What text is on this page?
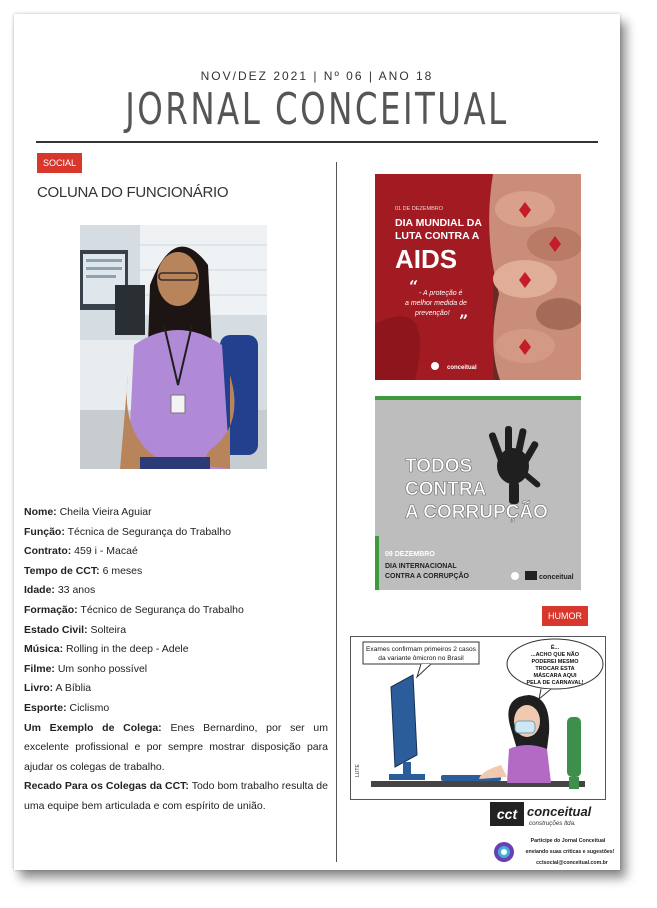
NOV/DEZ 2021 | Nº 06 | ANO 18
JORNAL CONCEITUAL
SOCIAL
COLUNA DO FUNCIONÁRIO
Nome: Cheila Vieira Aguiar
Função: Técnica de Segurança do Trabalho
Contrato: 459 i - Macaé
Tempo de CCT: 6 meses
Idade: 33 anos
Formação: Técnico de Segurança do Trabalho
Estado Civil: Solteira
Música: Rolling in the deep - Adele
Filme: Um sonho possível
Livro: A Bíblia
Esporte: Ciclismo
Um Exemplo de Colega: Enes Bernardino, por ser um excelente profissional e por sempre mostrar disposição para ajudar os colegas de trabalho.
Recado Para os Colegas da CCT: Todo bom trabalho resulta de uma equipe bem articulada e com espírito de união.
01 DE DEZEMBRO
DIA MUNDIAL DA
LUTA CONTRA A
AIDS
“ - A proteção é
a melhor medida de
prevenção! ”
conceitual
TODOS
CONTRA
A CORRUPÇÃO
09 DEZEMBRO
DIA INTERNACIONAL
CONTRA A CORRUPÇÃO	conceitual
HUMOR
Exames confirmam primeiros 2 casos
da variante ômicron no Brasil
É...
...ACHO QUE NÃO
PODEREI MESMO
TROCAR ESTA
MÁSCARA AQUI
PELA DE CARNAVAL!
LUTE
cct conceitual
construções ltda.
Participe do Jornal Conceitual
enviando suas críticas e sugestões!
cctsocial@conceitual.com.br
